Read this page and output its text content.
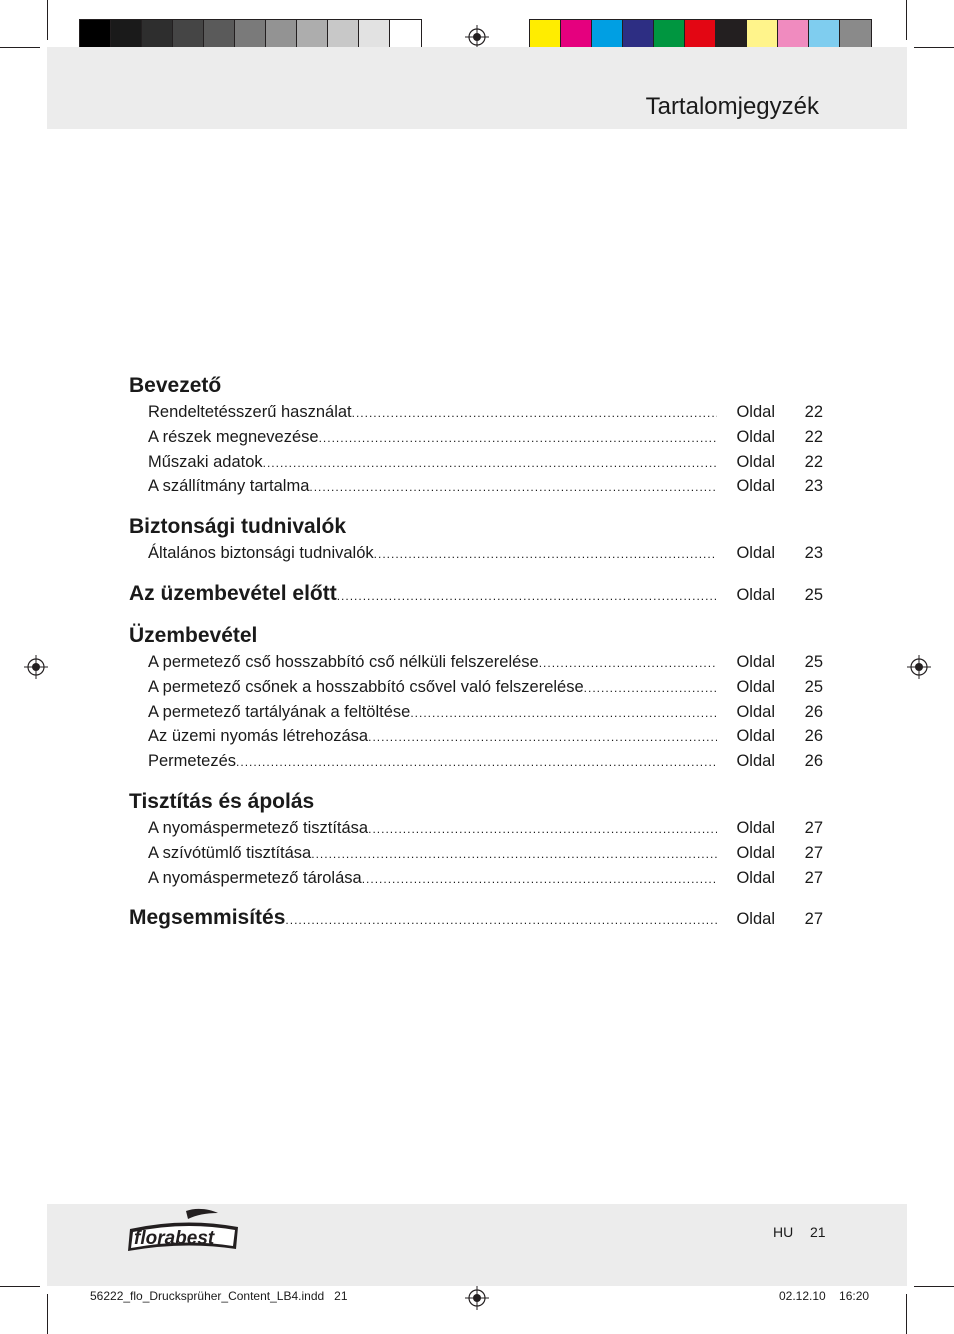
Tartalomjegyzék
Bevezető
Rendeltetésszerű használat .....	Oldal	22
A részek megnevezése .....	Oldal	22
Műszaki adatok .....	Oldal	22
A szállítmány tartalma .....	Oldal	23
Biztonsági tudnivalók
Általános biztonsági tudnivalók .....	Oldal	23
Az üzembevétel előtt .....	Oldal	25
Üzembevétel
A permetező cső hosszabbító cső nélküli felszerelése .....	Oldal	25
A permetező csőnek a hosszabbító csővel való felszerelése .....	Oldal	25
A permetező tartályának a feltöltése .....	Oldal	26
Az üzemi nyomás létrehozása .....	Oldal	26
Permetezés .....	Oldal	26
Tisztítás és ápolás
A nyomáspermetező tisztítása .....	Oldal	27
A szívótümlő tisztítása .....	Oldal	27
A nyomáspermetező tárolása .....	Oldal	27
Megsemmisítés .....	Oldal	27
florabest	HU 21
56222_flo_Drucksprüher_Content_LB4.indd   21	02.12.10    16:20
